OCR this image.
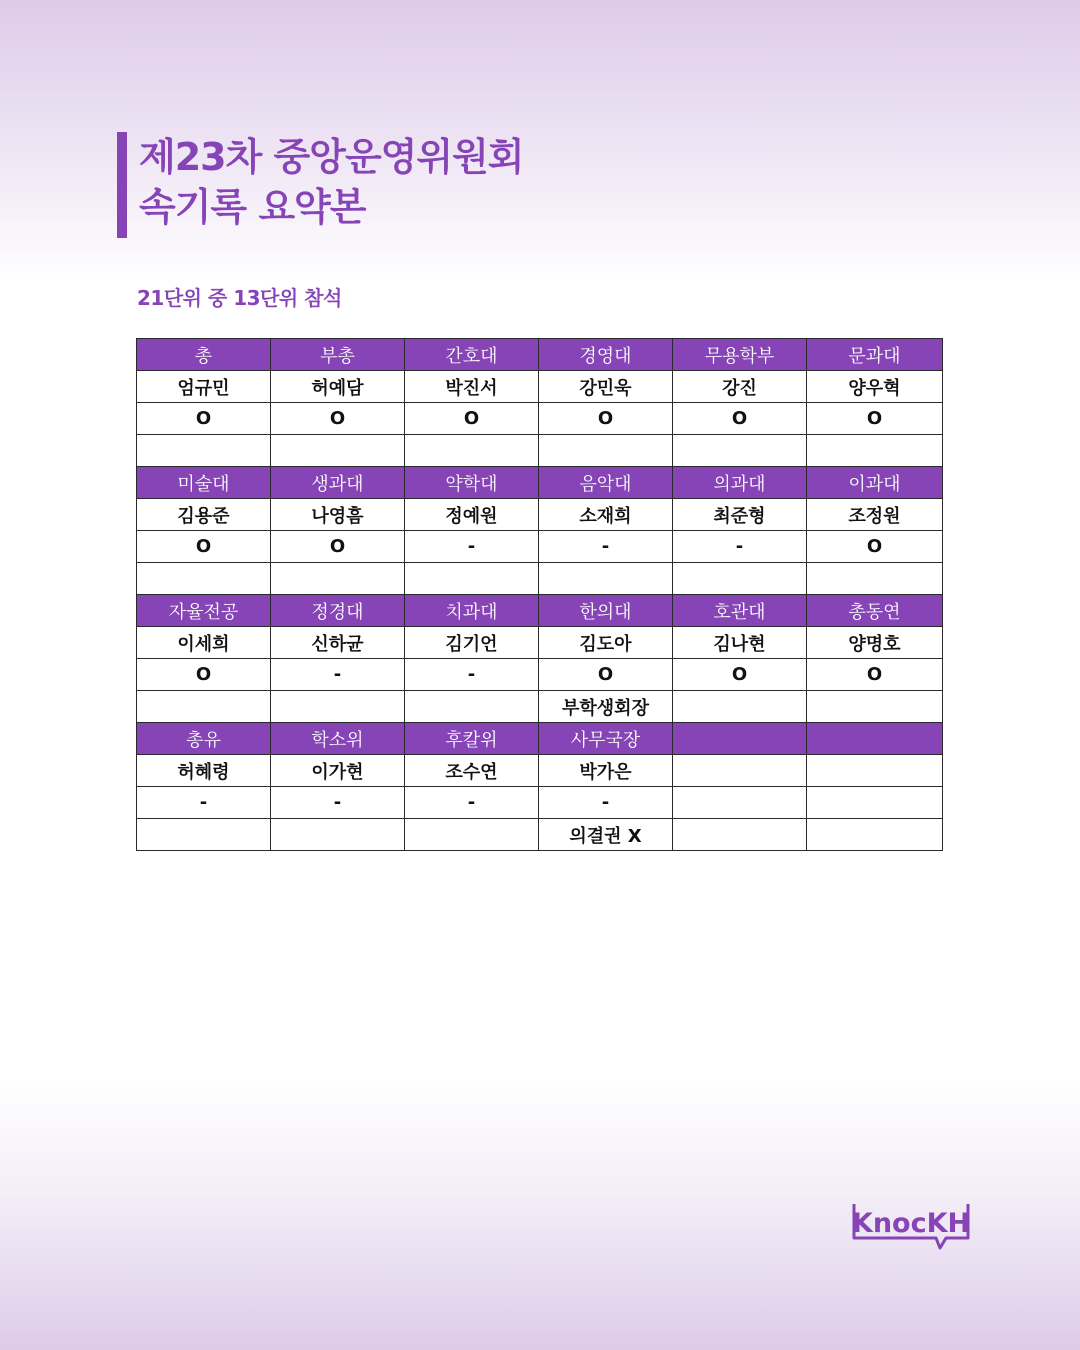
제23차 중앙운영위원회
속기록 요약본
21단위 중 13단위 참석
총	부총	간호대	경영대	무용학부	문과대
엄규민	허예담	박진서	강민욱	강진	양우혁
O	O	O	O	O	O

미술대	생과대	약학대	음악대	의과대	이과대
김용준	나영흠	정예원	소재희	최준형	조정원
O	O	-	-	-	O

자율전공	정경대	치과대	한의대	호관대	총동연
이세희	신하균	김기언	김도아	김나현	양명호
O	-	-	O	O	O
			부학생회장		
총유	학소위	후칼위	사무국장		
허혜령	이가현	조수연	박가은		
-	-	-	-		
			의결권 X		
KnocKH
